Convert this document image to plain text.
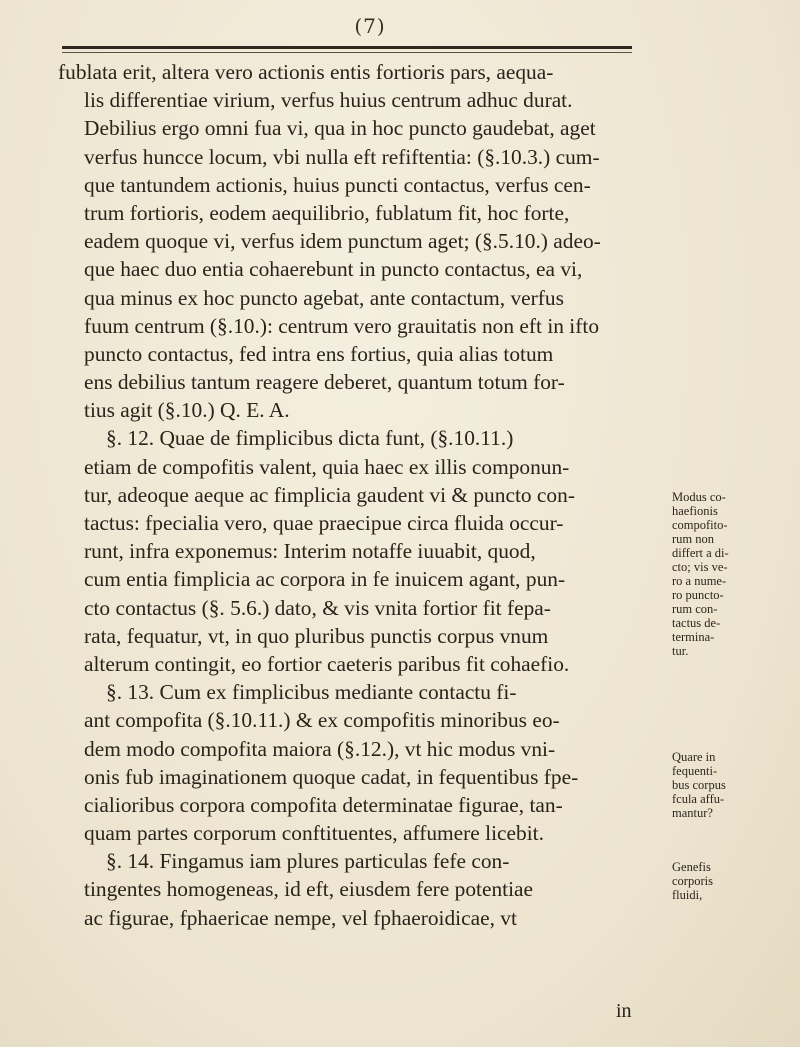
(7)
fublata erit, altera vero actionis entis fortioris pars, aequa-
lis differentiae virium, verfus huius centrum adhuc durat.
Debilius ergo omni fua vi, qua in hoc puncto gaudebat, aget
verfus huncce locum, vbi nulla eft refiftentia: (§.10.3.) cum-
que tantundem actionis, huius puncti contactus, verfus cen-
trum fortioris, eodem aequilibrio, fublatum fit, hoc forte,
eadem quoque vi, verfus idem punctum aget; (§.5.10.) adeo-
que haec duo entia cohaerebunt in puncto contactus, ea vi,
qua minus ex hoc puncto agebat, ante contactum, verfus
fuum centrum (§.10.): centrum vero grauitatis non eft in ifto
puncto contactus, fed intra ens fortius, quia alias totum
ens debilius tantum reagere deberet, quantum totum for-
tius agit (§.10.) Q. E. A.
§. 12. Quae de fimplicibus dicta funt, (§.10.11.)
etiam de compofitis valent, quia haec ex illis componun-
tur, adeoque aeque ac fimplicia gaudent vi & puncto con-
tactus: fpecialia vero, quae praecipue circa fluida occur-
runt, infra exponemus: Interim notaffe iuuabit, quod,
cum entia fimplicia ac corpora in fe inuicem agant, pun-
cto contactus (§. 5.6.) dato, & vis vnita fortior fit fepa-
rata, fequatur, vt, in quo pluribus punctis corpus vnum
alterum contingit, eo fortior caeteris paribus fit cohaefio.
§. 13. Cum ex fimplicibus mediante contactu fi-
ant compofita (§.10.11.) & ex compofitis minoribus eo-
dem modo compofita maiora (§.12.), vt hic modus vni-
onis fub imaginationem quoque cadat, in fequentibus fpe-
cialioribus corpora compofita determinatae figurae, tan-
quam partes corporum conftituentes, affumere licebit.
§. 14. Fingamus iam plures particulas fefe con-
tingentes homogeneas, id eft, eiusdem fere potentiae
ac figurae, fphaericae nempe, vel fphaeroidicae, vt
Modus co-
haefionis
compofito-
rum non
differt a di-
cto; vis ve-
ro a nume-
ro puncto-
rum con-
tactus de-
termina-
tur.
Quare in
fequenti-
bus corpus
fcula affu-
mantur?
Genefis
corporis
fluidi,
in
